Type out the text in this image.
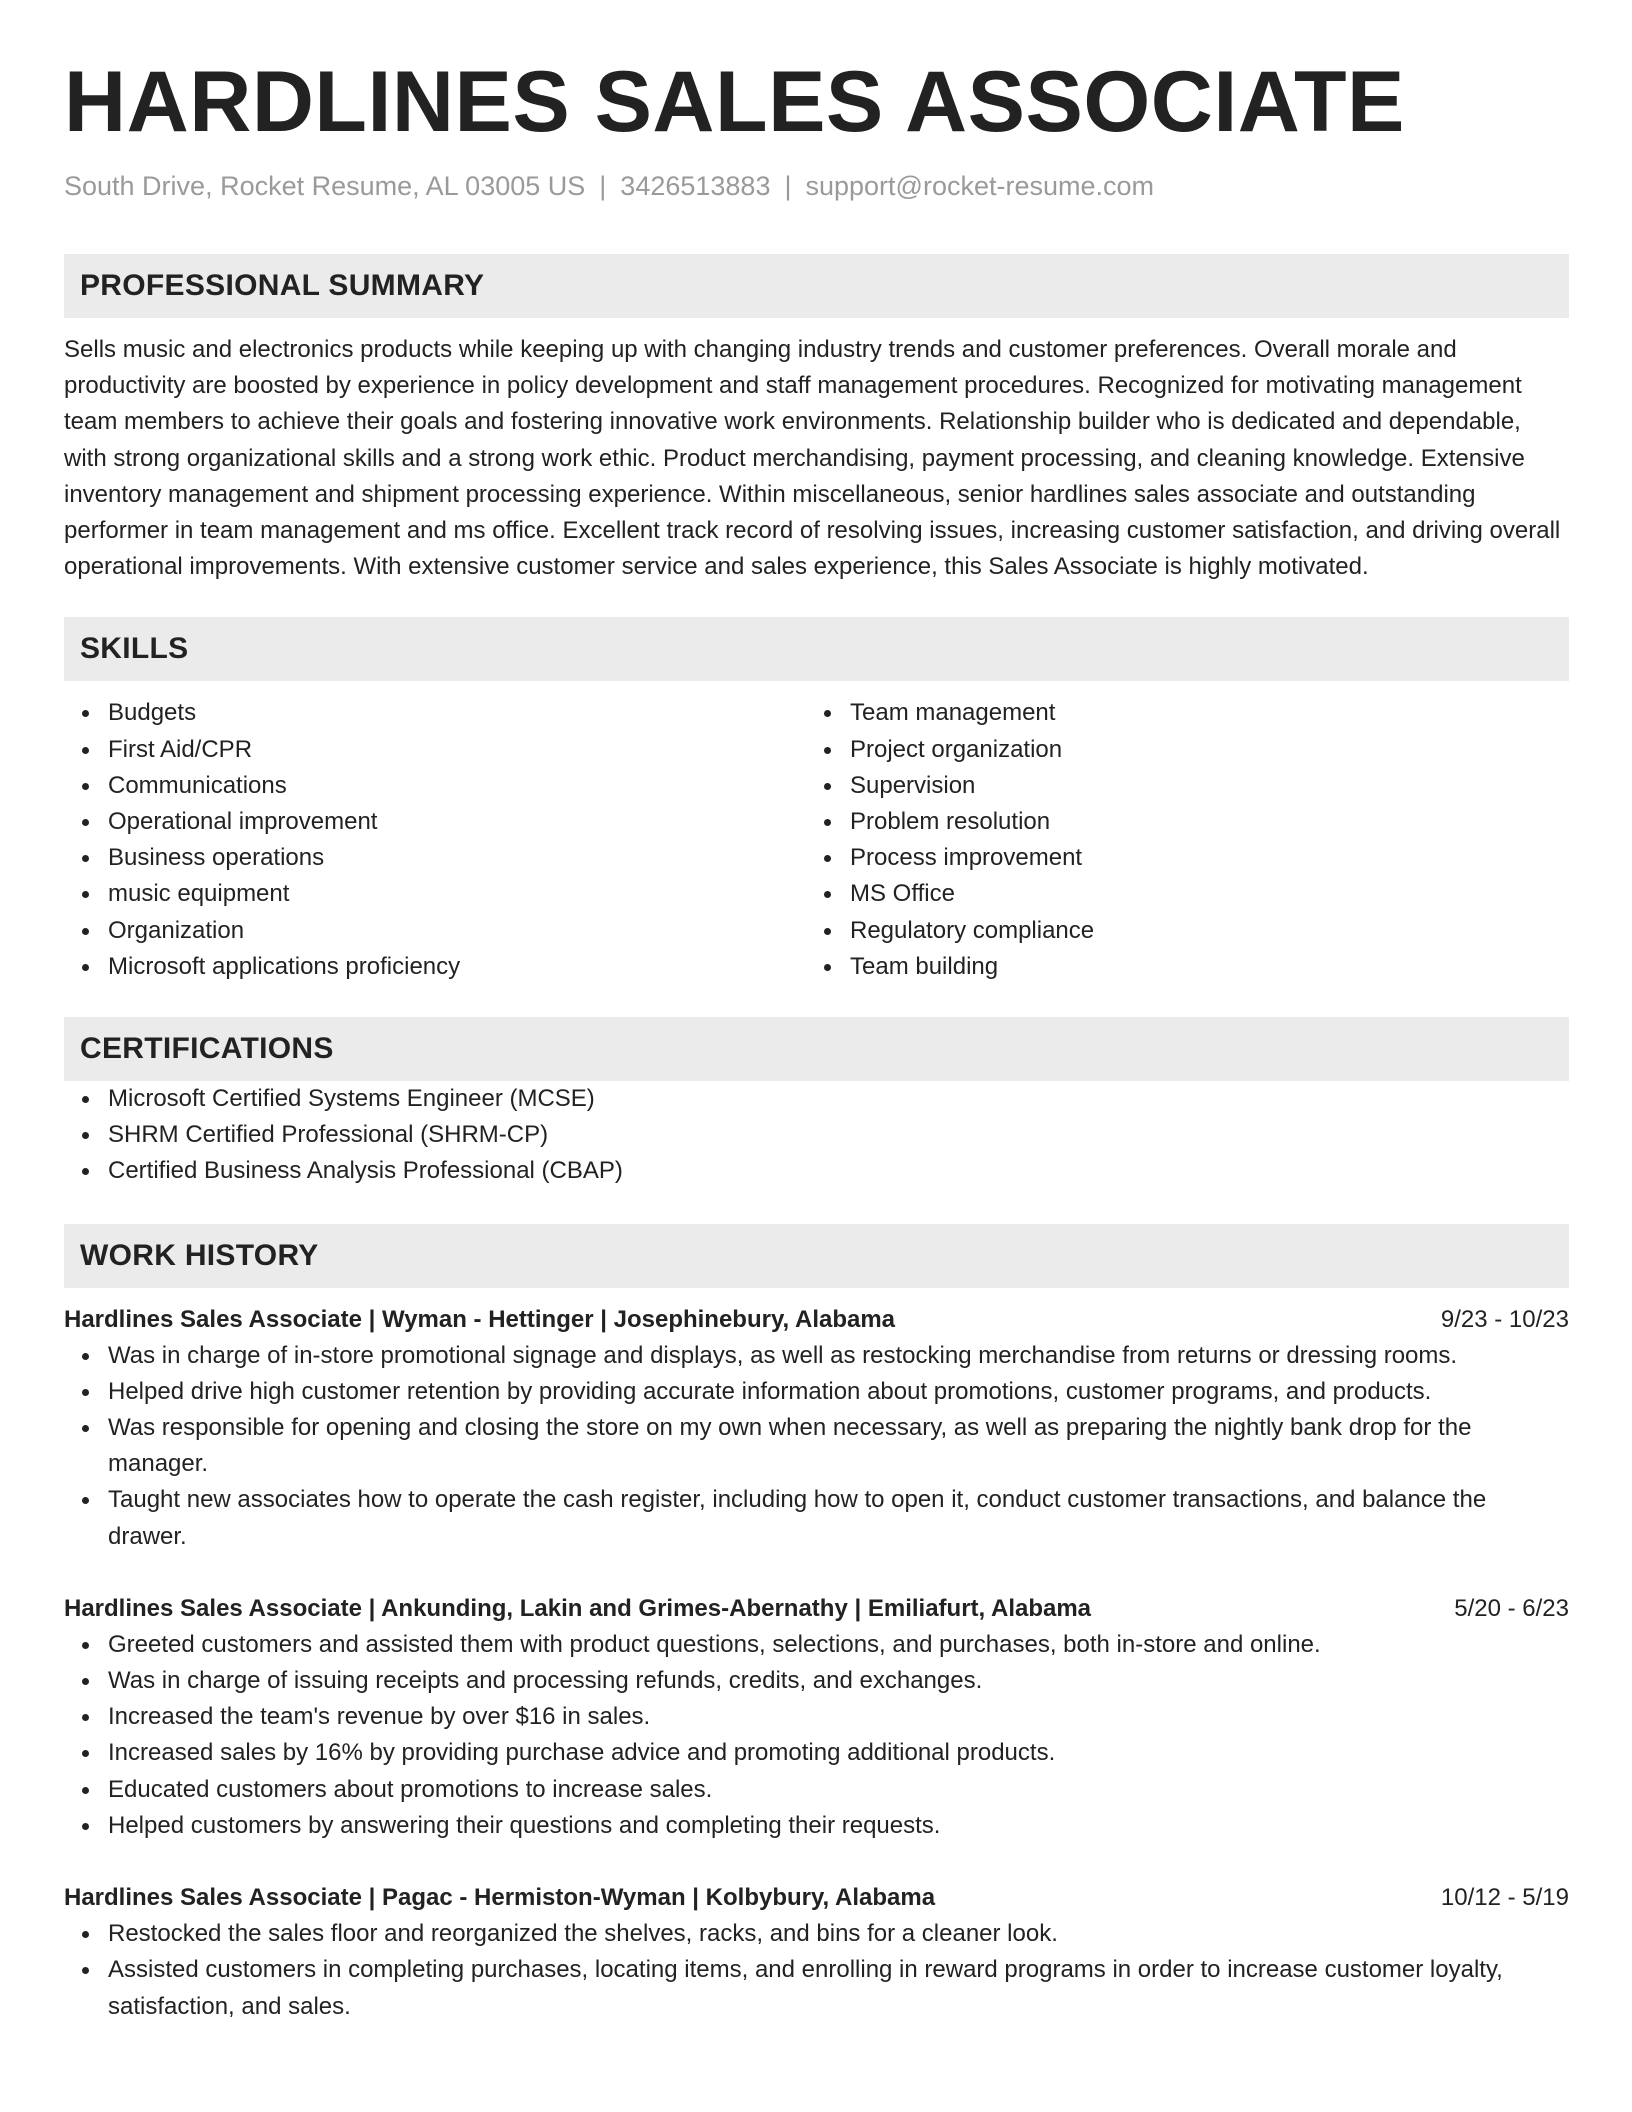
HARDLINES SALES ASSOCIATE
South Drive, Rocket Resume, AL 03005 US | 3426513883 | support@rocket-resume.com
PROFESSIONAL SUMMARY

Sells music and electronics products while keeping up with changing industry trends and customer preferences. Overall morale and productivity are boosted by experience in policy development and staff management procedures. Recognized for motivating management team members to achieve their goals and fostering innovative work environments. Relationship builder who is dedicated and dependable, with strong organizational skills and a strong work ethic. Product merchandising, payment processing, and cleaning knowledge. Extensive inventory management and shipment processing experience. Within miscellaneous, senior hardlines sales associate and outstanding performer in team management and ms office. Excellent track record of resolving issues, increasing customer satisfaction, and driving overall operational improvements. With extensive customer service and sales experience, this Sales Associate is highly motivated.

SKILLS
Budgets
First Aid/CPR
Communications
Operational improvement
Business operations
music equipment
Organization
Microsoft applications proficiency
Team management
Project organization
Supervision
Problem resolution
Process improvement
MS Office
Regulatory compliance
Team building
CERTIFICATIONS
Microsoft Certified Systems Engineer (MCSE)
SHRM Certified Professional (SHRM-CP)
Certified Business Analysis Professional (CBAP)
WORK HISTORY
Hardlines Sales Associate | Wyman - Hettinger | Josephinebury, Alabama	9/23 - 10/23
Was in charge of in-store promotional signage and displays, as well as restocking merchandise from returns or dressing rooms.
Helped drive high customer retention by providing accurate information about promotions, customer programs, and products.
Was responsible for opening and closing the store on my own when necessary, as well as preparing the nightly bank drop for the manager.
Taught new associates how to operate the cash register, including how to open it, conduct customer transactions, and balance the drawer.
Hardlines Sales Associate | Ankunding, Lakin and Grimes-Abernathy | Emiliafurt, Alabama	5/20 - 6/23
Greeted customers and assisted them with product questions, selections, and purchases, both in-store and online.
Was in charge of issuing receipts and processing refunds, credits, and exchanges.
Increased the team's revenue by over $16 in sales.
Increased sales by 16% by providing purchase advice and promoting additional products.
Educated customers about promotions to increase sales.
Helped customers by answering their questions and completing their requests.
Hardlines Sales Associate | Pagac - Hermiston-Wyman | Kolbybury, Alabama	10/12 - 5/19
Restocked the sales floor and reorganized the shelves, racks, and bins for a cleaner look.
Assisted customers in completing purchases, locating items, and enrolling in reward programs in order to increase customer loyalty, satisfaction, and sales.
